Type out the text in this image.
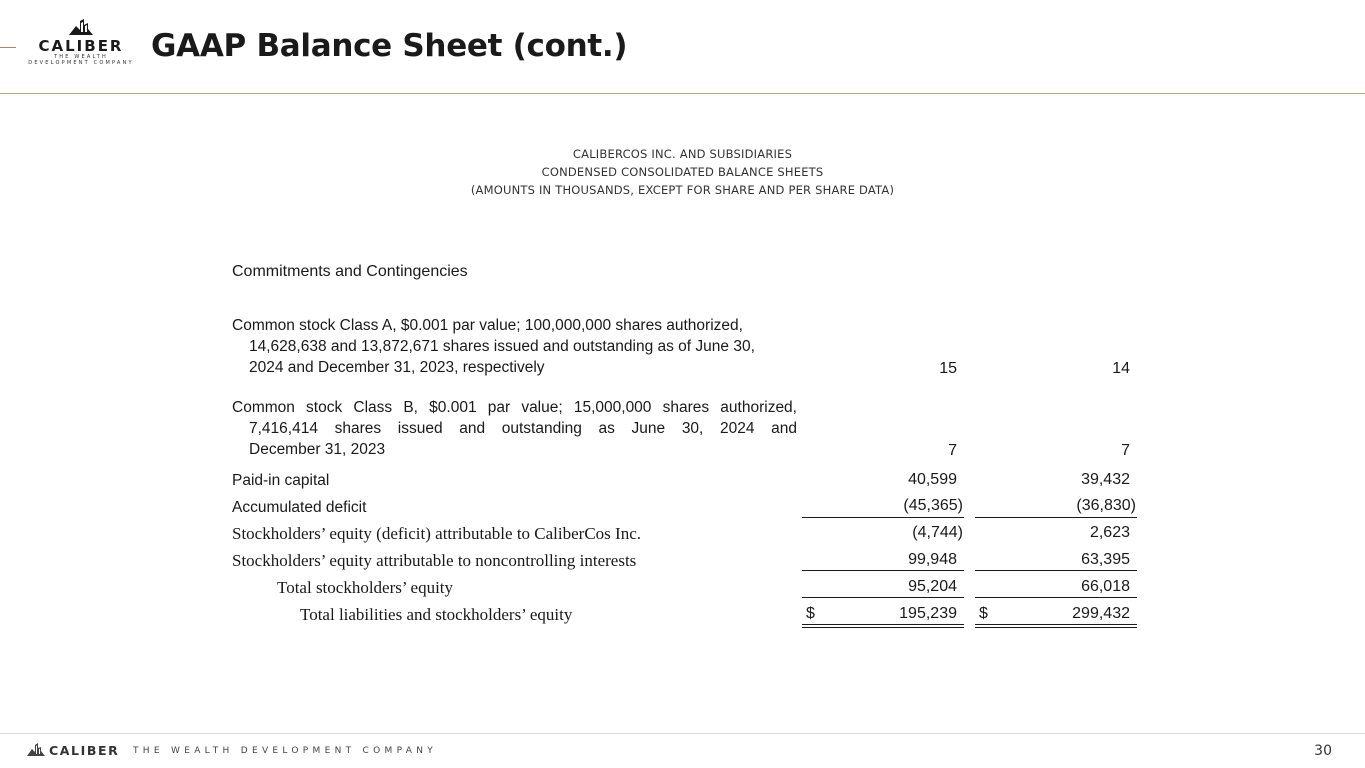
CALIBER
THE WEALTH DEVELOPMENT COMPANY GAAP Balance Sheet (cont.)
CALIBERCOS INC. AND SUBSIDIARIES
CONDENSED CONSOLIDATED BALANCE SHEETS
(AMOUNTS IN THOUSANDS, EXCEPT FOR SHARE AND PER SHARE DATA)
Commitments and Contingencies
Common stock Class A, $0.001 par value; 100,000,000 shares authorized,
14,628,638 and 13,872,671 shares issued and outstanding as of June 30,
2024 and December 31, 2023, respectively	15	14
Common stock Class B, $0.001 par value; 15,000,000 shares authorized,
7,416,414 shares issued and outstanding as June 30, 2024 and
December 31, 2023	7	7
Paid-in capital	40,599	39,432
Accumulated deficit	(45,365)	(36,830)
Stockholders’ equity (deficit) attributable to CaliberCos Inc.	(4,744)	2,623
Stockholders’ equity attributable to noncontrolling interests	99,948	63,395
Total stockholders’ equity	95,204	66,018
Total liabilities and stockholders’ equity	$	195,239 $	299,432
CALIBER THE WEALTH DEVELOPMENT COMPANY	30
